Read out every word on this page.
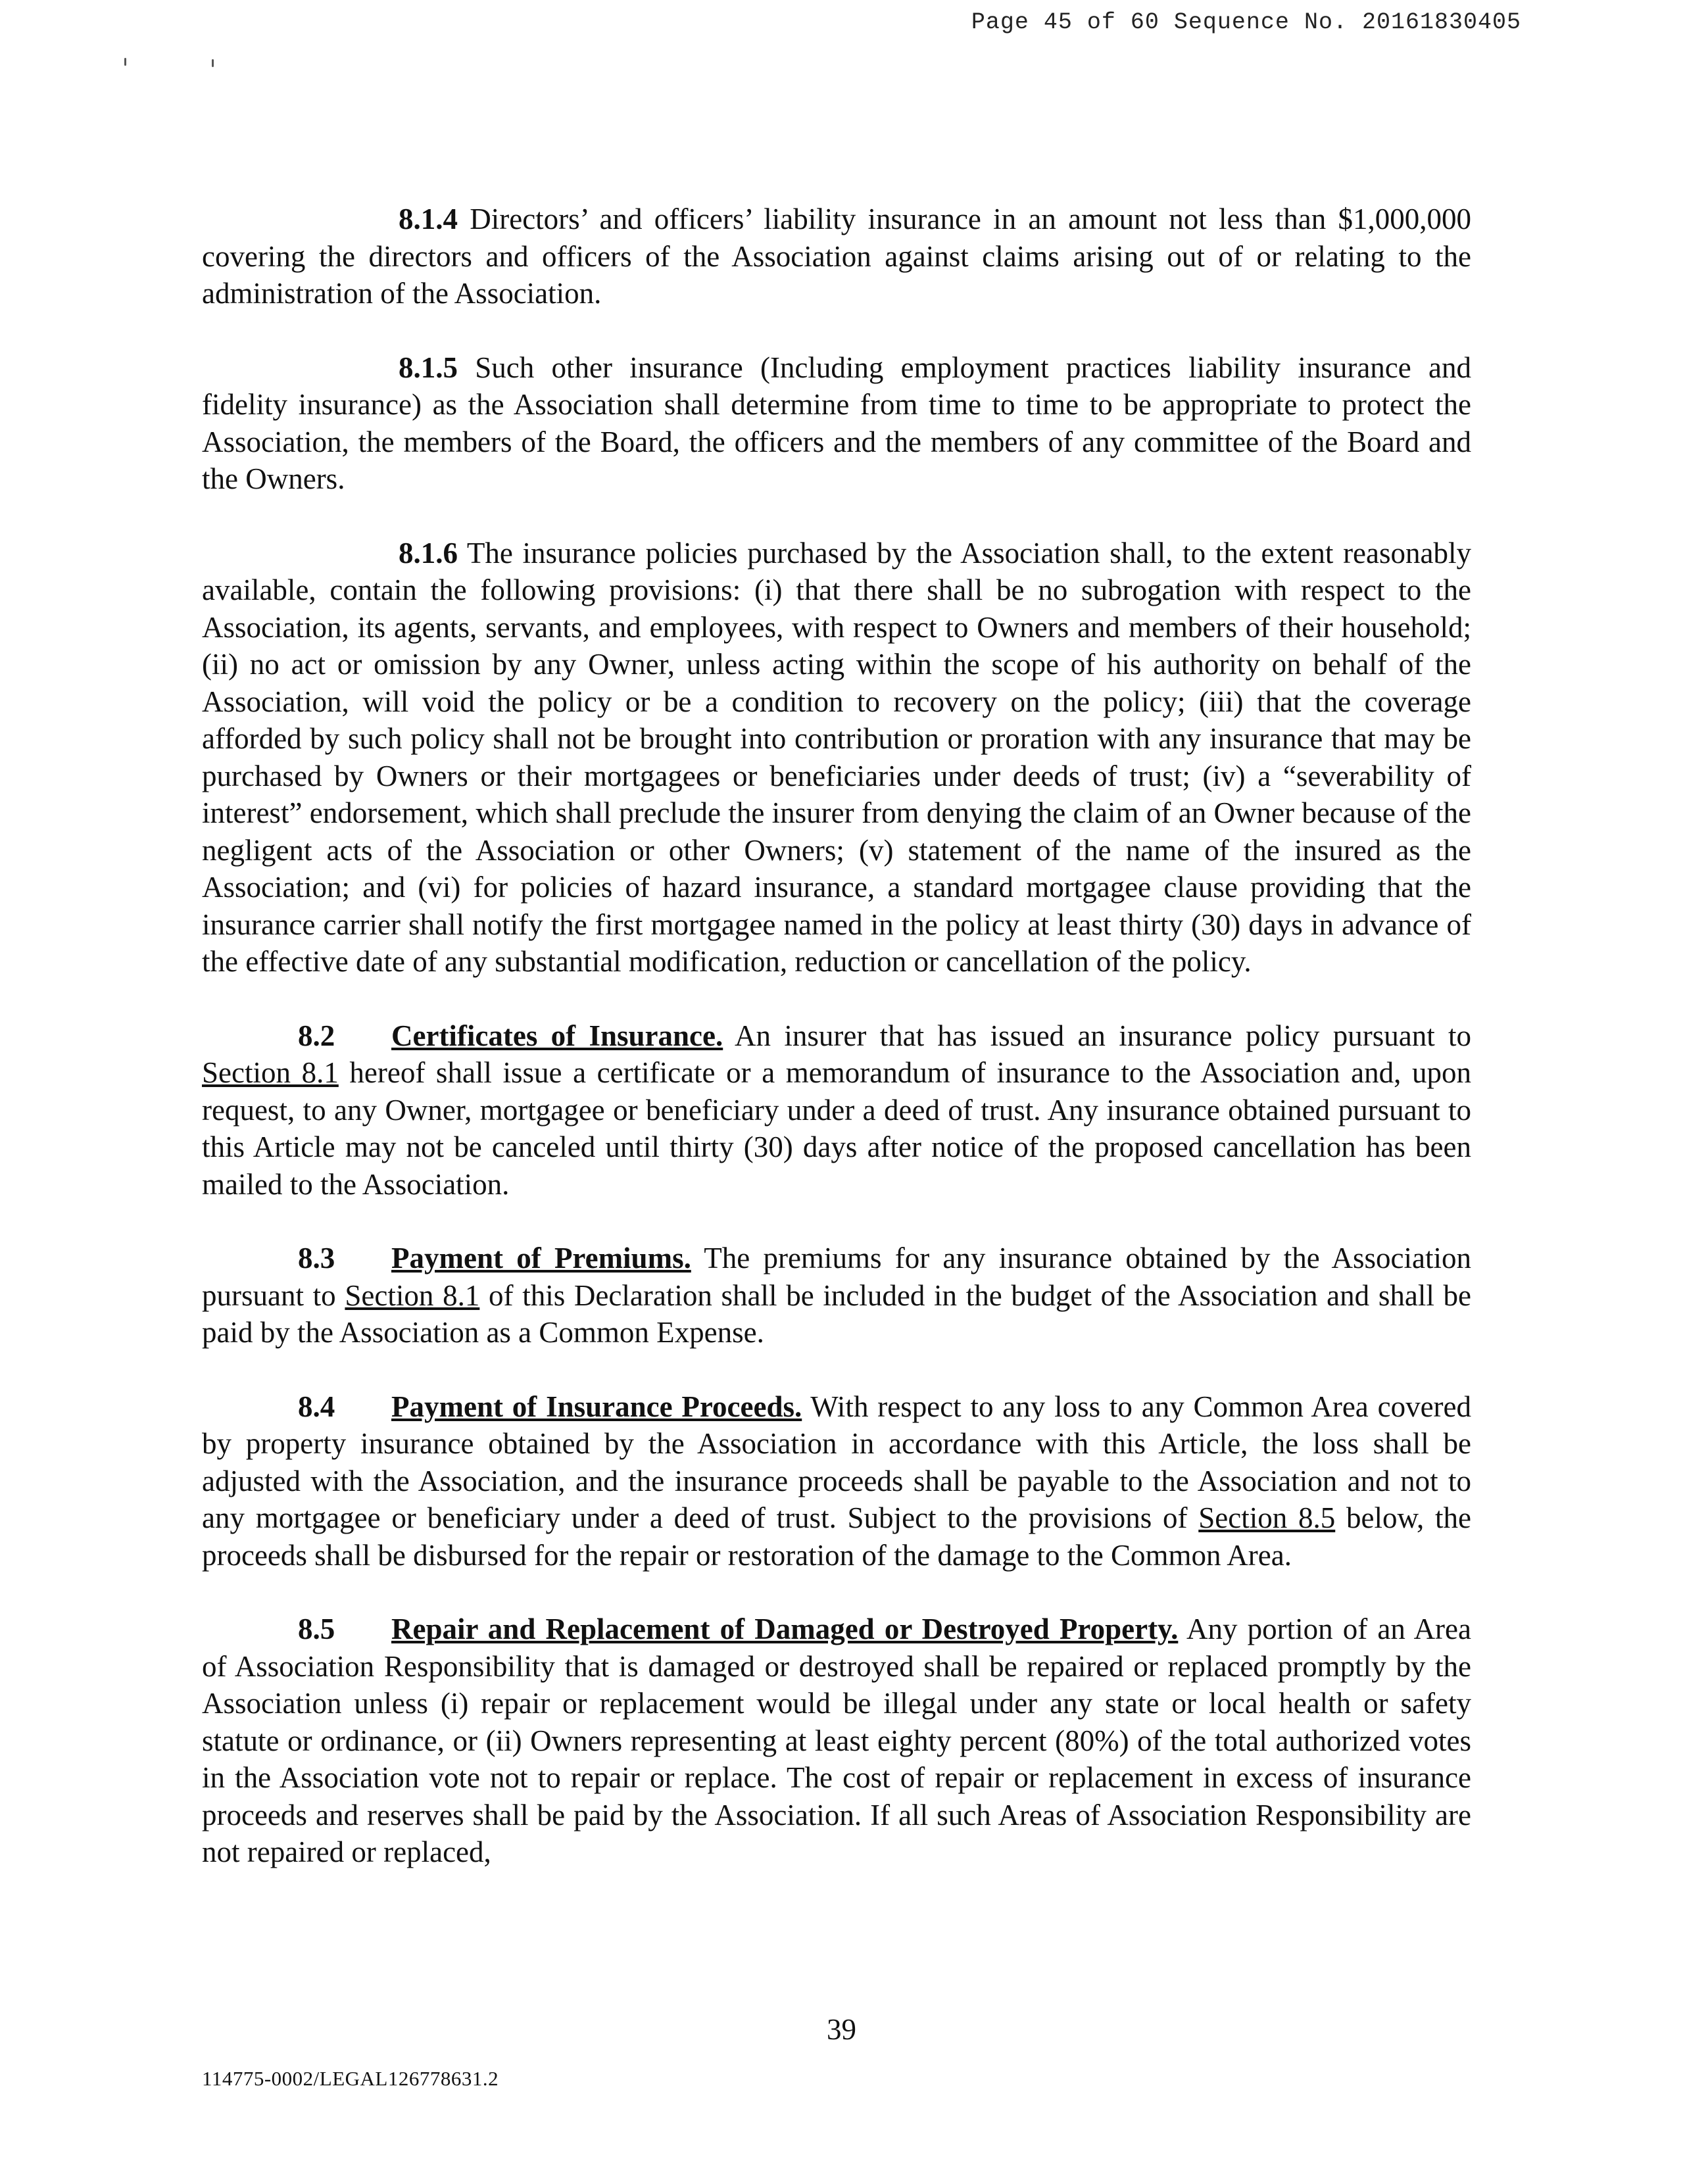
Page 45 of 60 Sequence No. 20161830405

8.1.4 Directors’ and officers’ liability insurance in an amount not less than $1,000,000 covering the directors and officers of the Association against claims arising out of or relating to the administration of the Association.

8.1.5 Such other insurance (Including employment practices liability insurance and fidelity insurance) as the Association shall determine from time to time to be appropriate to protect the Association, the members of the Board, the officers and the members of any committee of the Board and the Owners.

8.1.6 The insurance policies purchased by the Association shall, to the extent reasonably available, contain the following provisions: (i) that there shall be no subrogation with respect to the Association, its agents, servants, and employees, with respect to Owners and members of their household; (ii) no act or omission by any Owner, unless acting within the scope of his authority on behalf of the Association, will void the policy or be a condition to recovery on the policy; (iii) that the coverage afforded by such policy shall not be brought into contribution or proration with any insurance that may be purchased by Owners or their mortgagees or beneficiaries under deeds of trust; (iv) a “severability of interest” endorsement, which shall preclude the insurer from denying the claim of an Owner because of the negligent acts of the Association or other Owners; (v) statement of the name of the insured as the Association; and (vi) for policies of hazard insurance, a standard mortgagee clause providing that the insurance carrier shall notify the first mortgagee named in the policy at least thirty (30) days in advance of the effective date of any substantial modification, reduction or cancellation of the policy.

8.2 Certificates of Insurance. An insurer that has issued an insurance policy pursuant to Section 8.1 hereof shall issue a certificate or a memorandum of insurance to the Association and, upon request, to any Owner, mortgagee or beneficiary under a deed of trust. Any insurance obtained pursuant to this Article may not be canceled until thirty (30) days after notice of the proposed cancellation has been mailed to the Association.

8.3 Payment of Premiums. The premiums for any insurance obtained by the Association pursuant to Section 8.1 of this Declaration shall be included in the budget of the Association and shall be paid by the Association as a Common Expense.

8.4 Payment of Insurance Proceeds. With respect to any loss to any Common Area covered by property insurance obtained by the Association in accordance with this Article, the loss shall be adjusted with the Association, and the insurance proceeds shall be payable to the Association and not to any mortgagee or beneficiary under a deed of trust. Subject to the provisions of Section 8.5 below, the proceeds shall be disbursed for the repair or restoration of the damage to the Common Area.

8.5 Repair and Replacement of Damaged or Destroyed Property. Any portion of an Area of Association Responsibility that is damaged or destroyed shall be repaired or replaced promptly by the Association unless (i) repair or replacement would be illegal under any state or local health or safety statute or ordinance, or (ii) Owners representing at least eighty percent (80%) of the total authorized votes in the Association vote not to repair or replace. The cost of repair or replacement in excess of insurance proceeds and reserves shall be paid by the Association. If all such Areas of Association Responsibility are not repaired or replaced,

39
114775-0002/LEGAL126778631.2
